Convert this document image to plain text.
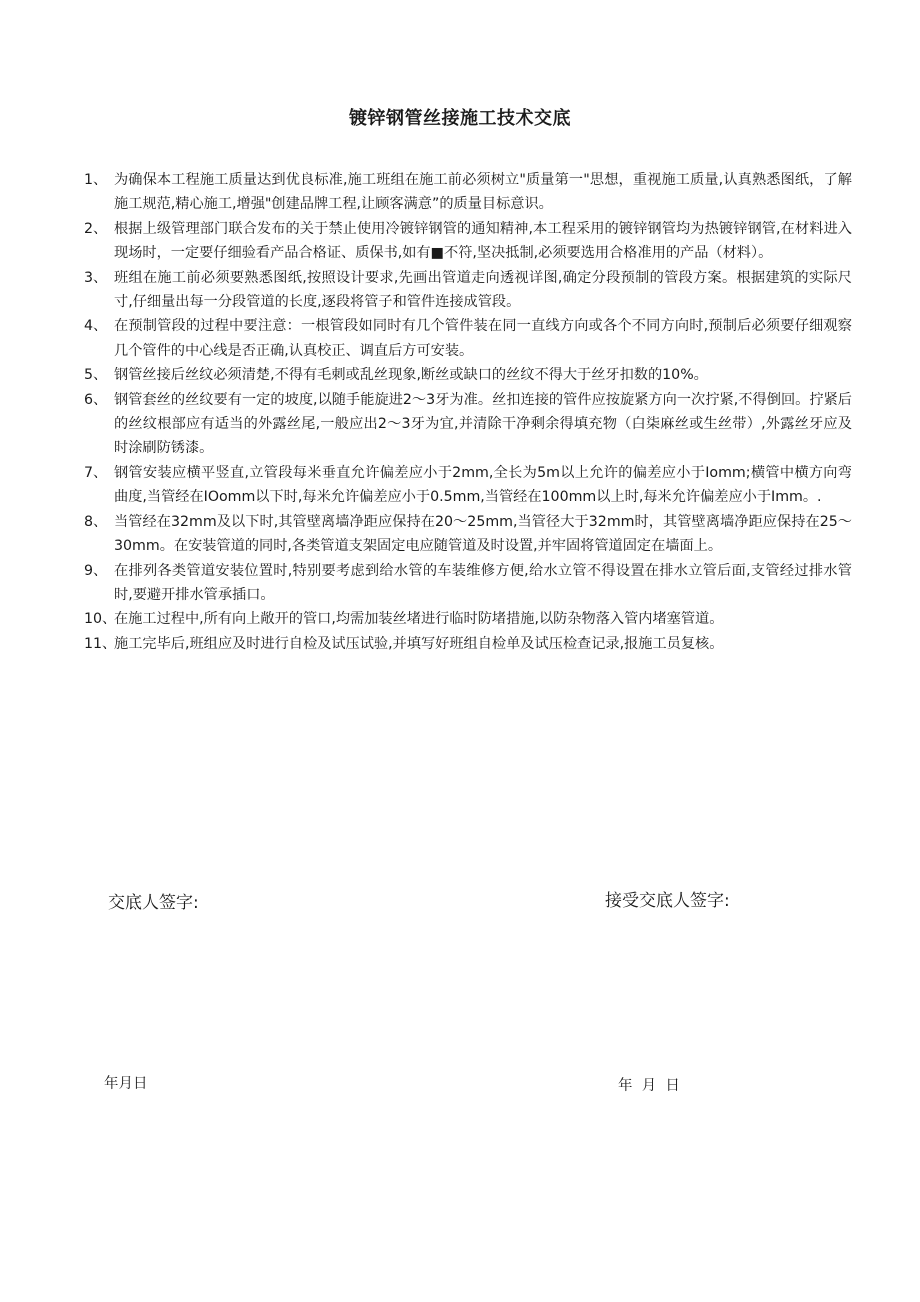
镀锌钢管丝接施工技术交底
1、 为确保本工程施工质量达到优良标准,施工班组在施工前必须树立"质量第一"思想，重视施工质量,认真熟悉图纸，了解施工规范,精心施工,增强"创建品牌工程,让顾客满意”的质量目标意识。
2、 根据上级管理部门联合发布的关于禁止使用冷镀锌钢管的通知精神,本工程采用的镀锌钢管均为热镀锌钢管,在材料进入现场时，一定要仔细验看产品合格证、质保书,如有■不符,坚决抵制,必须要选用合格准用的产品（材料）。
3、 班组在施工前必须要熟悉图纸,按照设计要求,先画出管道走向透视详图,确定分段预制的管段方案。根据建筑的实际尺寸,仔细量出每一分段管道的长度,逐段将管子和管件连接成管段。
4、 在预制管段的过程中要注意：一根管段如同时有几个管件装在同一直线方向或各个不同方向时,预制后必须要仔细观察几个管件的中心线是否正确,认真校正、调直后方可安装。
5、 钢管丝接后丝纹必须清楚,不得有毛刺或乱丝现象,断丝或缺口的丝纹不得大于丝牙扣数的10%。
6、 钢管套丝的丝纹要有一定的坡度,以随手能旋进2～3牙为准。丝扣连接的管件应按旋紧方向一次拧紧,不得倒回。拧紧后的丝纹根部应有适当的外露丝尾,一般应出2～3牙为宜,并清除干净剩余得填充物（白柒麻丝或生丝带）,外露丝牙应及时涂刷防锈漆。
7、 钢管安装应横平竖直,立管段每米垂直允许偏差应小于2mm,全长为5m以上允许的偏差应小于Iomm;横管中横方向弯曲度,当管经在IOomm以下时,每米允许偏差应小于0.5mm,当管经在100mm以上时,每米允许偏差应小于Imm。.
8、 当管经在32mm及以下时,其管壁离墙净距应保持在20～25mm,当管径大于32mm时，其管壁离墙净距应保持在25～30mm。在安装管道的同时,各类管道支架固定电应随管道及时设置,并牢固将管道固定在墙面上。
9、 在排列各类管道安装位置时,特别要考虑到给水管的车装维修方便,给水立管不得设置在排水立管后面,支管经过排水管时,要避开排水管承插口。
10、
在施工过程中,所有向上敞开的管口,均需加装丝堵进行临时防堵措施,以防杂物落入管内堵塞管道。
11、
施工完毕后,班组应及时进行自检及试压试验,并填写好班组自检单及试压检查记录,报施工员复核。
交底人签字:	接受交底人签字:
年月日	年  月  日
